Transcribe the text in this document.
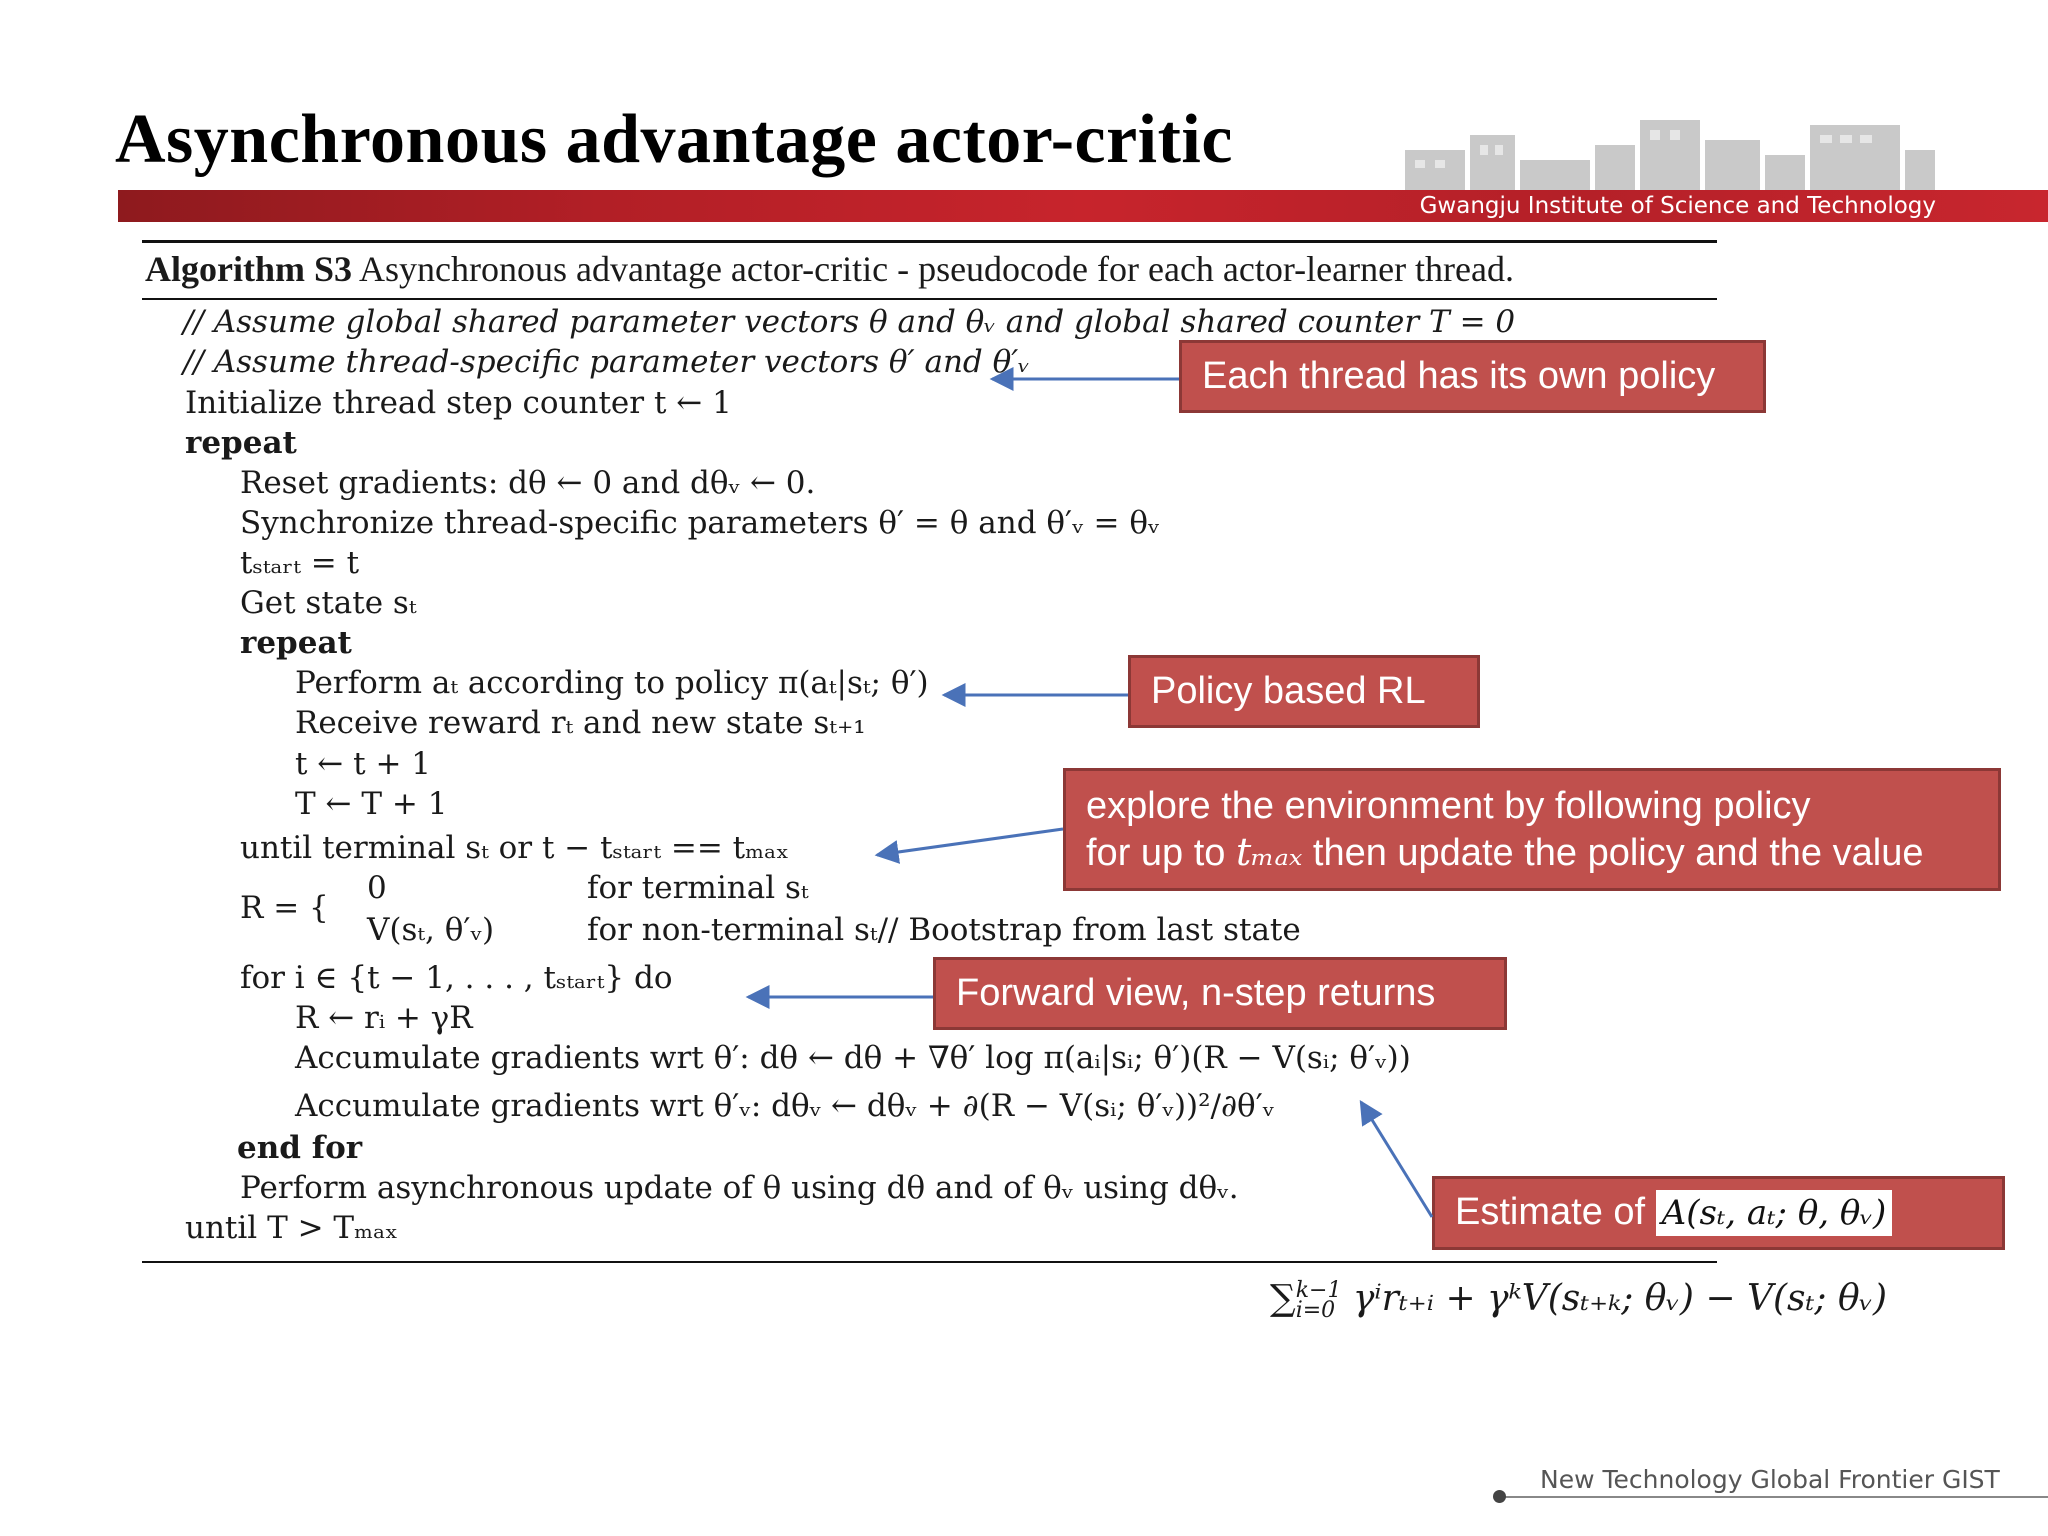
Asynchronous advantage actor-critic
Gwangju Institute of Science and Technology
Algorithm S3 Asynchronous advantage actor-critic - pseudocode for each actor-learner thread.
// Assume global shared parameter vectors θ and θᵥ and global shared counter T = 0
// Assume thread-specific parameter vectors θ′ and θ′ᵥ
Initialize thread step counter t ← 1
repeat
Reset gradients: dθ ← 0 and dθᵥ ← 0.
Synchronize thread-specific parameters θ′ = θ and θ′ᵥ = θᵥ
tₛₜₐᵣₜ = t
Get state sₜ
repeat
Perform aₜ according to policy π(aₜ|sₜ; θ′)
Receive reward rₜ and new state sₜ₊₁
t ← t + 1
T ← T + 1
until terminal sₜ or t − tₛₜₐᵣₜ == tₘₐₓ
R = {
0	for terminal sₜ
V(sₜ, θ′ᵥ)	for non-terminal sₜ// Bootstrap from last state
for i ∈ {t − 1, . . . , tₛₜₐᵣₜ} do
R ← rᵢ + γR
Accumulate gradients wrt θ′: dθ ← dθ + ∇θ′ log π(aᵢ|sᵢ; θ′)(R − V(sᵢ; θ′ᵥ))
Accumulate gradients wrt θ′ᵥ: dθᵥ ← dθᵥ + ∂(R − V(sᵢ; θ′ᵥ))²/∂θ′ᵥ
end for
Perform asynchronous update of θ using dθ and of θᵥ using dθᵥ.
until T > Tₘₐₓ
Each thread has its own policy
Policy based RL
explore the environment by following policy
for up to tₘₐₓ then update the policy and the value
Forward view, n-step returns
Estimate of A(sₜ, aₜ; θ, θᵥ)
∑ k−1
i=0 γⁱrₜ₊ᵢ + γᵏV(sₜ₊ₖ; θᵥ) − V(sₜ; θᵥ)
New Technology Global Frontier GIST
